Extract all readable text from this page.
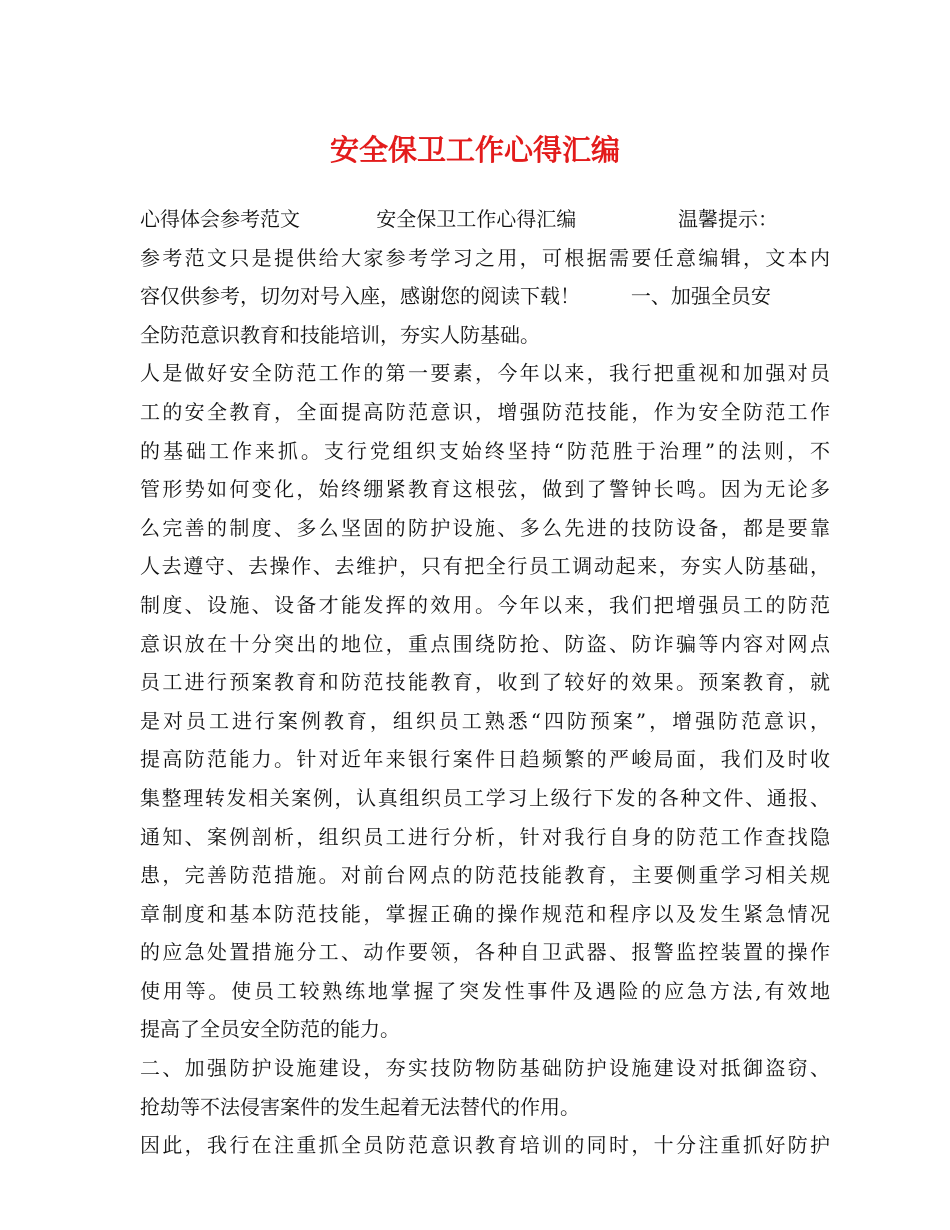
安全保卫工作心得汇编
心得体会参考范文            安全保卫工作心得汇编                温馨提示：
参考范文只是提供给大家参考学习之用，可根据需要任意编辑，文本内
容仅供参考，切勿对号入座，感谢您的阅读下载！        一、加强全员安
全防范意识教育和技能培训，夯实人防基础。
人是做好安全防范工作的第一要素，今年以来，我行把重视和加强对员
工的安全教育，全面提高防范意识，增强防范技能，作为安全防范工作
的基础工作来抓。支行党组织支始终坚持“防范胜于治理”的法则，不
管形势如何变化，始终绷紧教育这根弦，做到了警钟长鸣。因为无论多
么完善的制度、多么坚固的防护设施、多么先进的技防设备，都是要靠
人去遵守、去操作、去维护，只有把全行员工调动起来，夯实人防基础，
制度、设施、设备才能发挥的效用。今年以来，我们把增强员工的防范
意识放在十分突出的地位，重点围绕防抢、防盗、防诈骗等内容对网点
员工进行预案教育和防范技能教育，收到了较好的效果。预案教育，就
是对员工进行案例教育，组织员工熟悉“四防预案”，增强防范意识，
提高防范能力。针对近年来银行案件日趋频繁的严峻局面，我们及时收
集整理转发相关案例，认真组织员工学习上级行下发的各种文件、通报、
通知、案例剖析，组织员工进行分析，针对我行自身的防范工作查找隐
患，完善防范措施。对前台网点的防范技能教育，主要侧重学习相关规
章制度和基本防范技能，掌握正确的操作规范和程序以及发生紧急情况
的应急处置措施分工、动作要领，各种自卫武器、报警监控装置的操作
使用等。使员工较熟练地掌握了突发性事件及遇险的应急方法,有效地
提高了全员安全防范的能力。
二、加强防护设施建设，夯实技防物防基础防护设施建设对抵御盗窃、
抢劫等不法侵害案件的发生起着无法替代的作用。
因此，我行在注重抓全员防范意识教育培训的同时，十分注重抓好防护
